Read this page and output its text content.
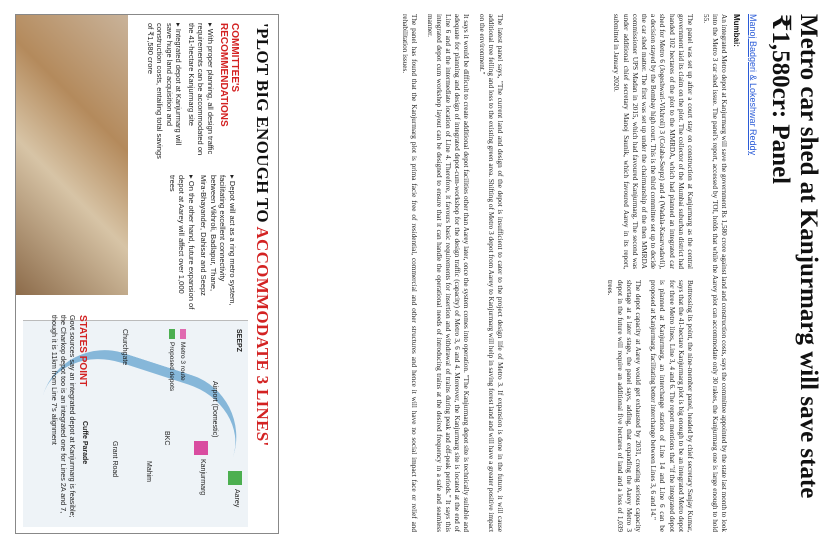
Metro car shed at Kanjurmarg will save state ₹1,580cr: Panel
Manoj Badgeri & Lokeshwar Reddy
Mumbai:
An integrated Metro depot at Kanjurmarg will save the government Rs 1,580 crore against land and construction costs, says the committee appointed by the state last month to look into the Metro 3 car shed issue. The panel's report, accessed by TOI, holds that while the Aarey plot can accommodate only 30 rakes, the Kanjurmarg one is large enough to hold 55.
The panel was set up after a court stay on construction at Kanjurmarg as the central government laid its claim on the plot. The collector of the Mumbai suburban district had handed 102 hectares of the plot to the MMRDA, which had planned an integrated car shed for Metro 6 (Jogeshwari-Vikhroli) 3 (Colaba-Seepz) and 4 (Wadala-Kasarvadavli), a decision stayed by the Bombay high court. This is the third committee set up to decide the car shed matter. The first was set up under the chairmanship of the then MMRDA commissioner UPS Madan in 2015, which had favoured Kanjurmarg. The second was under additional chief secretary Manoj Saunik, which favoured Aarey in its report, submitted in January 2020.
Buttressing its point, the nine-member panel, headed by chief secretary Sanjay Kumar, says that the 41-hectare Kanjurmarg plot is big enough to be an integrated Metro depot for three Metro lines, Line 3, 4 and 6. The report mentions that "if the integrated depot is planned at Kanjurmarg, an interchange station of Line 14 and Line 6 can be proposed at Kanjurmarg, facilitating better interchange between Lines 3, 6 and 14."
The depot capacity at Aarey would get exhausted by 2031, creating serious capacity shortage at a later stage, the panel says, adding, that expanding the Aarey Metro 3 depot in the future will require an additional five hectares of land and a loss of 1,039 trees.
The latest panel says, "The current land and design of the depot is insufficient to cater to the project design life of Metro 3. If expansion is done in the future, it will cause additional tree felling and loss to the existing green area. Shifting of Metro 3 depot from Aarey to Kanjurmarg will help in saving forest land and will have a greater positive impact on the environment."
It says it would be difficult to create additional depot facilities other than Aarey later, once the system comes into operation. "The Kanjurmarg depot site is technically suitable and adequate for planning and design of integrated depot-cum-workshop for the design traffic (capacity) of Metro 3, 6 and 4. Moreover, the Kanjurmarg site is located at the end of Line 6 and at the intermediate location of Line 4. Therefore, it favours basic requirements for insertion and withdrawal of trains during peak and off-peak periods." It says this integrated depot cum workshop layout can be designed to ensure that it can handle the operational needs of introducing trains at the desired frequency in a safe and seamless manner.
The panel has found that the Kanjurmarg plot is prima facie free of residential, commercial and other structures and hence it will have no social impact face or relief and rehabilitation issues.
'PLOT BIG ENOUGH TO ACCOMMODATE 3 LINES'
COMMITTEE'S RECOMMENDATIONS
▸ With proper planning, all design traffic requirements can be accommodated on the 41-hectare Kanjurmarg site
▸ Integrated depot at Kanjurmarg will save huge land acquisition and construction costs, entailing total savings of ₹1,580 crore
▸ Depot will act as a ring metro system, facilitating excellent connectivity between Vikhroli, Badlapur, Thane, Mira-Bhayander, Dahisar and Seepz
▸ On the other hand, future expansion of depot at Aarey will affect over 1,000 trees
SEEPZ
Aarey
Kanjurmarg
Airport (Domestic)
BKC
Mahim
Grant Road
Churchgate
Cuffe Parade
Metro 3 route
Proposed depots
STATES POINT
Govt sources say an integrated depot at Kanjurmarg is feasible; the Charkop depot too is an integrated one for Lines 2A and 7, though it is 11km from Line 7's alignment
